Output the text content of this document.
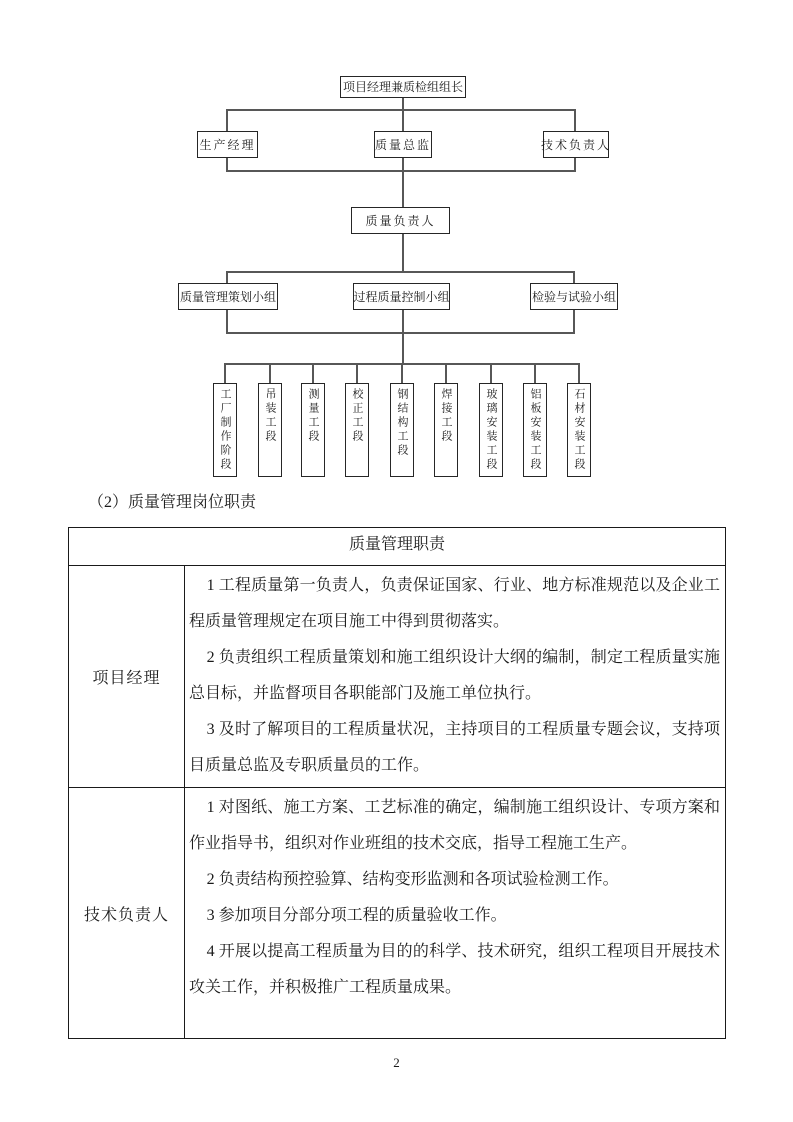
项目经理兼质检组组长
生产经理	质量总监	技术负责人
质量负责人
质量管理策划小组	过程质量控制小组	检验与试验小组
工厂制作阶段	吊装工段	测量工段	校正工段	钢结构工段	焊接工段	玻璃安装工段	铝板安装工段	石材安装工段
（2）质量管理岗位职责
质量管理职责
项目经理

1 工程质量第一负责人，负责保证国家、行业、地方标准规范以及企业工程质量管理规定在项目施工中得到贯彻落实。

2 负责组织工程质量策划和施工组织设计大纲的编制，制定工程质量实施总目标，并监督项目各职能部门及施工单位执行。

3 及时了解项目的工程质量状况，主持项目的工程质量专题会议，支持项目质量总监及专职质量员的工作。

技术负责人

1 对图纸、施工方案、工艺标准的确定，编制施工组织设计、专项方案和作业指导书，组织对作业班组的技术交底，指导工程施工生产。

2 负责结构预控验算、结构变形监测和各项试验检测工作。

3 参加项目分部分项工程的质量验收工作。

4 开展以提高工程质量为目的的科学、技术研究，组织工程项目开展技术攻关工作，并积极推广工程质量成果。

2
